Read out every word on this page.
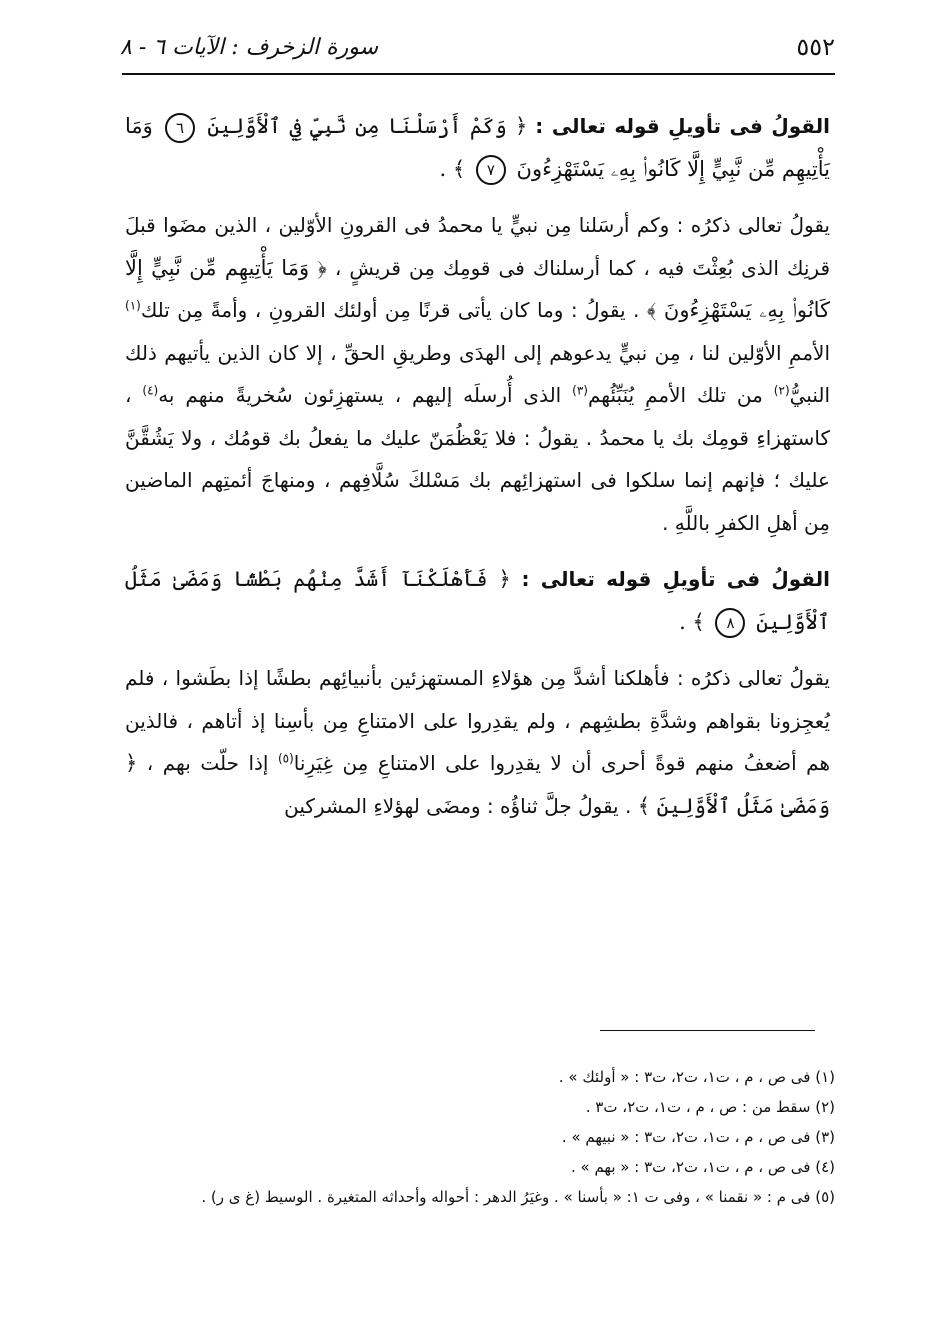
٥٥٢
سورة الزخرف : الآيات ٦ - ٨

القولُ فى تأويلِ قوله تعالى : ﴿ وَكَمْ أَرْسَلْنَا مِن نَّبِيٍّ فِي ٱلْأَوَّلِينَ ٦ وَمَا يَأْتِيهِم مِّن نَّبِيٍّ إِلَّا كَانُوا۟ بِهِۦ يَسْتَهْزِءُونَ ٧ ﴾ .

يقولُ تعالى ذكرُه : وكم أرسَلنا مِن نبيٍّ يا محمدُ فى القرونِ الأوّلين ، الذين مضَوا قبلَ قرنِك الذى بُعِثْتَ فيه ، كما أرسلناك فى قومِك مِن قريشٍ ، ﴿ وَمَا يَأْتِيهِم مِّن نَّبِيٍّ إِلَّا كَانُوا۟ بِهِۦ يَسْتَهْزِءُونَ ﴾ . يقولُ : وما كان يأتى قرنًا مِن أولئك القرونِ ، وأمةً مِن تلك$^{(١)}$ الأممِ الأوّلين لنا ، مِن نبيٍّ يدعوهم إلى الهدَى وطريقِ الحقِّ ، إلا كان الذين يأتيهم ذلك النبيُّ$^{(٢)}$ من تلك الأممِ يُنَبِّئُهم$^{(٣)}$ الذى أُرسلَه إليهم ، يستهزِئون سُخريةً منهم به$^{(٤)}$ ، كاستهزاءِ قومِك بك يا محمدُ . يقولُ : فلا يَعْظُمَنّ عليك ما يفعلُ بك قومُك ، ولا يَشُقَّنَّ عليك ؛ فإنهم إنما سلكوا فى استهزائِهم بك مَسْلكَ سُلَّافِهم ، ومنهاجَ أئمتِهم الماضين مِن أهلِ الكفرِ باللَّهِ .

القولُ فى تأويلِ قوله تعالى : ﴿ فَأَهْلَكْنَآ أَشَدَّ مِنْهُم بَطْشًا وَمَضَىٰ مَثَلُ ٱلْأَوَّلِينَ ٨ ﴾ .

يقولُ تعالى ذكرُه : فأهلكنا أشدَّ مِن هؤلاءِ المستهزئين بأنبيائِهم بطشًا إذا بطَشوا ، فلم يُعجِزونا بقواهم وشدَّةِ بطشِهم ، ولم يقدِروا على الامتناعِ مِن بأسِنا إذ أتاهم ، فالذين هم أضعفُ منهم قوةً أحرى أن لا يقدِروا على الامتناعِ مِن غِيَرِنا$^{(٥)}$ إذا حلّت بهم ، ﴿ وَمَضَىٰ مَثَلُ ٱلْأَوَّلِينَ ﴾ . يقولُ جلَّ ثناؤُه : ومضَى لهؤلاءِ المشركين

(١) فى ص ، م ، ت١، ت٢، ت٣ : « أولئك » .

(٢) سقط من : ص ، م ، ت١، ت٢، ت٣ .

(٣) فى ص ، م ، ت١، ت٢، ت٣ : « نبيهم » .

(٤) فى ص ، م ، ت١، ت٢، ت٣ : « بهم » .

(٥) فى م : « نقمنا » ، وفى ت ١: « بأسنا » . وغيَرُ الدهر : أحواله وأحداثه المتغيرة . الوسيط (غ ى ر) .
